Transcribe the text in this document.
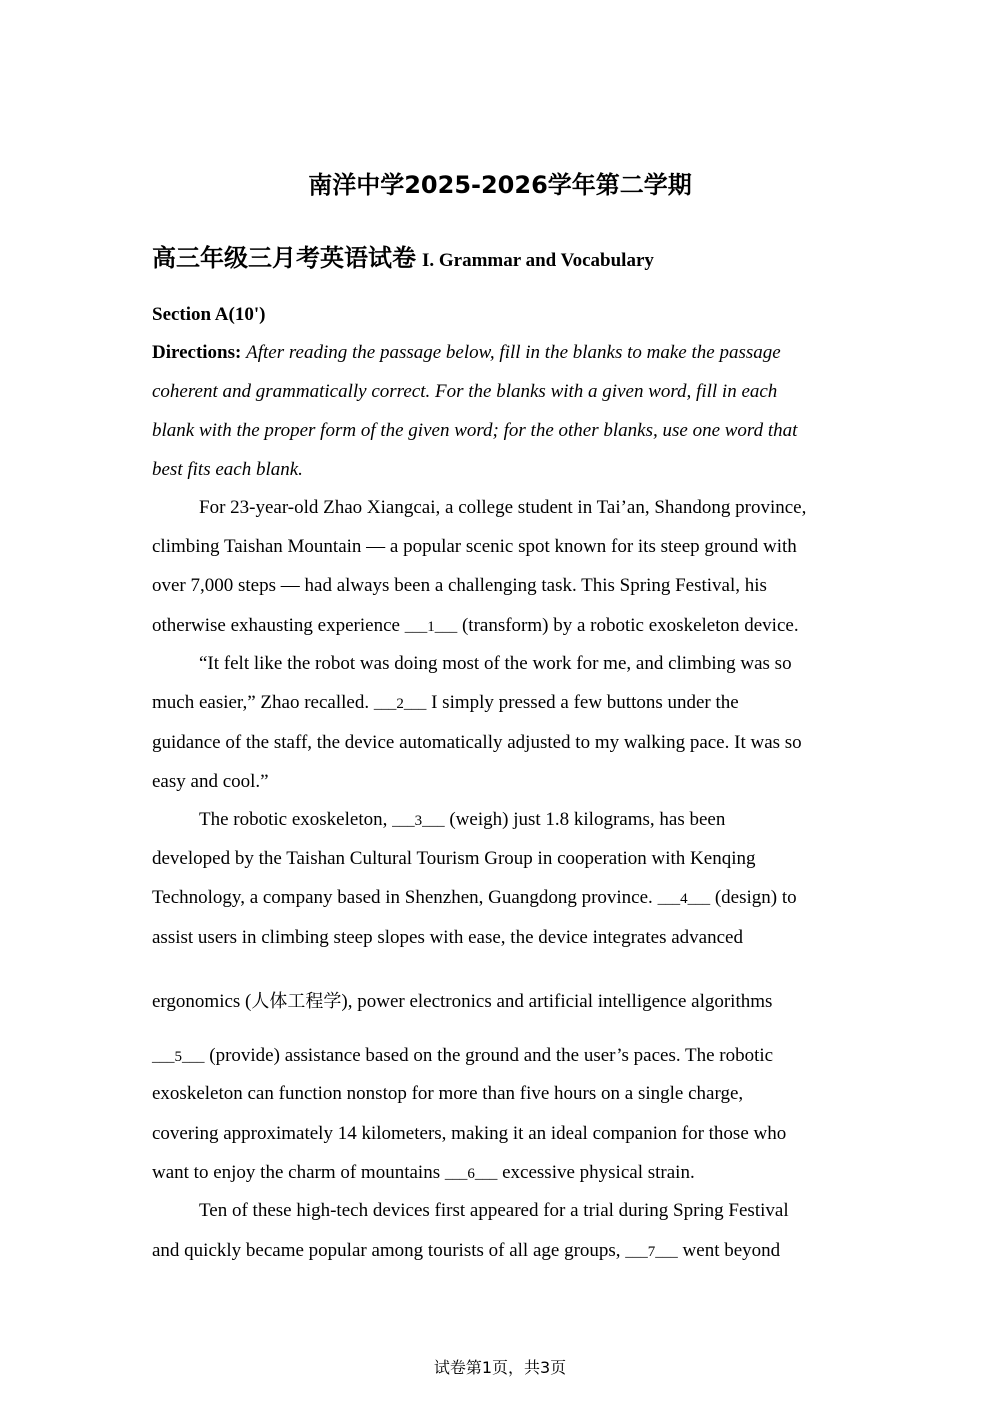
南洋中学2025-2026学年第二学期
高三年级三月考英语试卷 I. Grammar and Vocabulary
Section A(10')
Directions: After reading the passage below, fill in the blanks to make the passage
coherent and grammatically correct. For the blanks with a given word, fill in each
blank with the proper form of the given word; for the other blanks, use one word that
best fits each blank.
For 23-year-old Zhao Xiangcai, a college student in Tai’an, Shandong province,
climbing Taishan Mountain — a popular scenic spot known for its steep ground with
over 7,000 steps — had always been a challenging task. This Spring Festival, his
otherwise exhausting experience ___1___ (transform) by a robotic exoskeleton device.
“It felt like the robot was doing most of the work for me, and climbing was so
much easier,” Zhao recalled. ___2___ I simply pressed a few buttons under the
guidance of the staff, the device automatically adjusted to my walking pace. It was so
easy and cool.”
The robotic exoskeleton, ___3___ (weigh) just 1.8 kilograms, has been
developed by the Taishan Cultural Tourism Group in cooperation with Kenqing
Technology, a company based in Shenzhen, Guangdong province. ___4___ (design) to
assist users in climbing steep slopes with ease, the device integrates advanced
ergonomics (人体工程学), power electronics and artificial intelligence algorithms
___5___ (provide) assistance based on the ground and the user’s paces. The robotic
exoskeleton can function nonstop for more than five hours on a single charge,
covering approximately 14 kilometers, making it an ideal companion for those who
want to enjoy the charm of mountains ___6___ excessive physical strain.
Ten of these high-tech devices first appeared for a trial during Spring Festival
and quickly became popular among tourists of all age groups, ___7___ went beyond
试卷第1页，共3页
